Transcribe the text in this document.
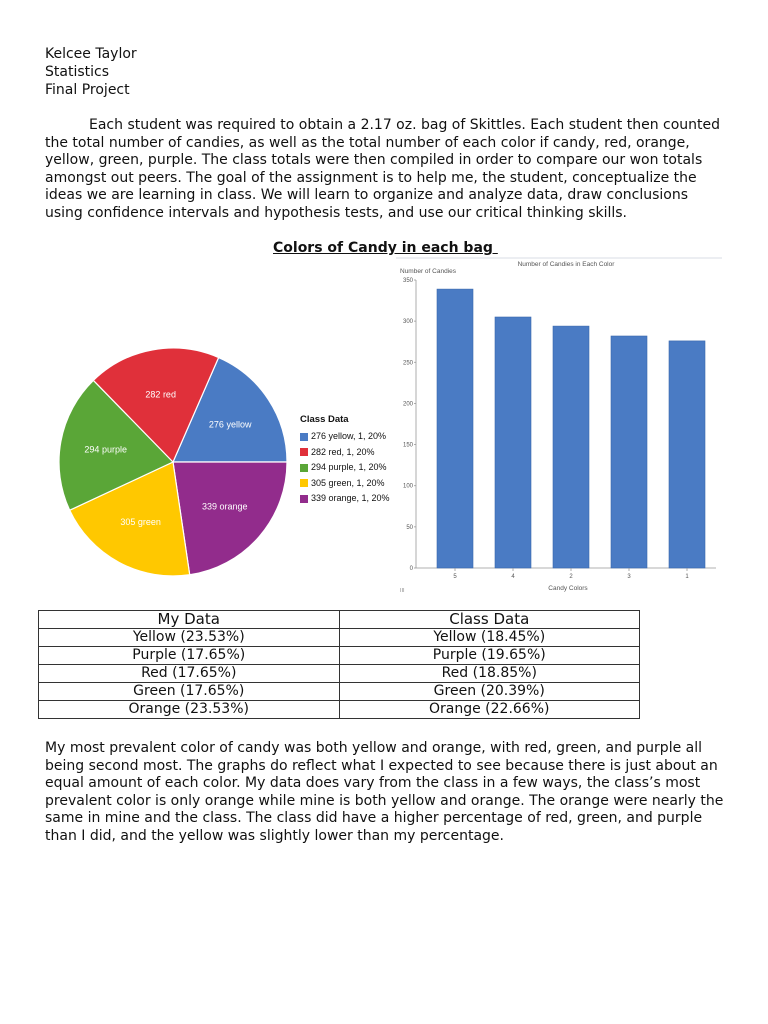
Kelcee Taylor
Statistics
Final Project

Each student was required to obtain a 2.17 oz. bag of Skittles. Each student then counted the total number of candies, as well as the total number of each color if candy, red, orange, yellow, green, purple. The class totals were then compiled in order to compare our won totals amongst out peers. The goal of the assignment is to help me, the student, conceptualize the ideas we are learning in class. We will learn to organize and analyze data, draw conclusions using confidence intervals and hypothesis tests, and use our critical thinking skills.

Colors of Candy in each bag
276 yellow
339 orange
305 green
294 purple
282 red
Class Data
276 yellow, 1, 20%
282 red, 1, 20%
294 purple, 1, 20%
305 green, 1, 20%
339 orange, 1, 20%
Number of Candies in Each Color
Number of Candies
0
50
100
150
200
250
300
350
5	4	2	3	1
Candy Colors
III
My Data	Class Data
Yellow (23.53%)	Yellow (18.45%)
Purple (17.65%)	Purple (19.65%)
Red (17.65%)	Red (18.85%)
Green (17.65%)	Green (20.39%)
Orange (23.53%)	Orange (22.66%)

My most prevalent color of candy was both yellow and orange, with red, green, and purple all being second most. The graphs do reflect what I expected to see because there is just about an equal amount of each color. My data does vary from the class in a few ways, the class’s most prevalent color is only orange while mine is both yellow and orange. The orange were nearly the same in mine and the class. The class did have a higher percentage of red, green, and purple than I did, and the yellow was slightly lower than my percentage.
